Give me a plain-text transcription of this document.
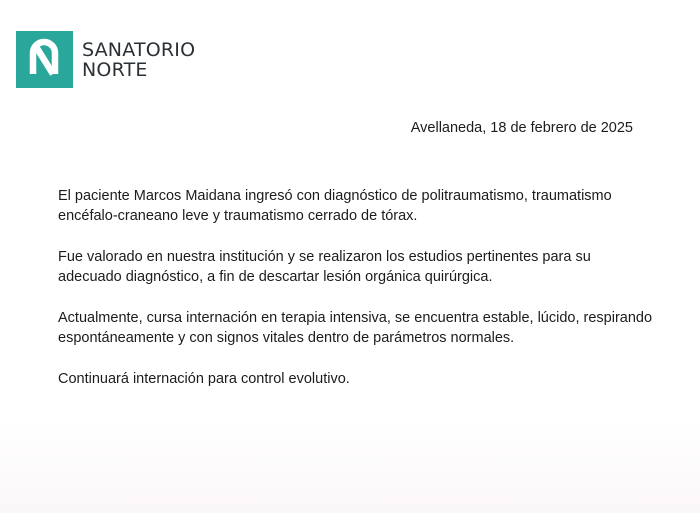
SANATORIO
NORTE
Avellaneda, 18 de febrero de 2025

El paciente Marcos Maidana ingresó con diagnóstico de politraumatismo, traumatismo encéfalo-craneano leve y traumatismo cerrado de tórax.

Fue valorado en nuestra institución y se realizaron los estudios pertinentes para su adecuado diagnóstico, a fin de descartar lesión orgánica quirúrgica.

Actualmente, cursa internación en terapia intensiva, se encuentra estable, lúcido, respirando espontáneamente y con signos vitales dentro de parámetros normales.

Continuará internación para control evolutivo.
